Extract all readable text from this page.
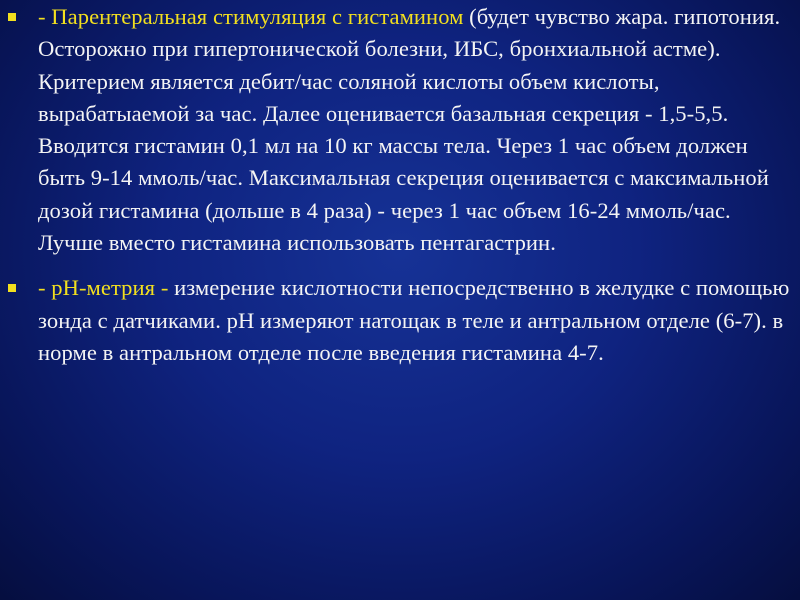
- Парентеральная стимуляция с гистамином (будет чувство жара. гипотония. Осторожно при гипертонической болезни, ИБС, бронхиальной астме). Критерием является дебит/час соляной кислоты объем кислоты, вырабатыаемой за час. Далее оценивается базальная секреция - 1,5-5,5. Вводится гистамин 0,1 мл на 10 кг массы тела. Через 1 час объем должен быть 9-14 ммоль/час. Максимальная секреция оценивается с максимальной дозой гистамина (дольше в 4 раза) - через 1 час объем 16-24 ммоль/час. Лучше вместо гистамина использовать пентагастрин.
- рН-метрия - измерение кислотности непосредственно в желудке с помощью зонда с датчиками. рН измеряют натощак в теле и антральном отделе (6-7). в норме в антральном отделе после введения гистамина 4-7.
